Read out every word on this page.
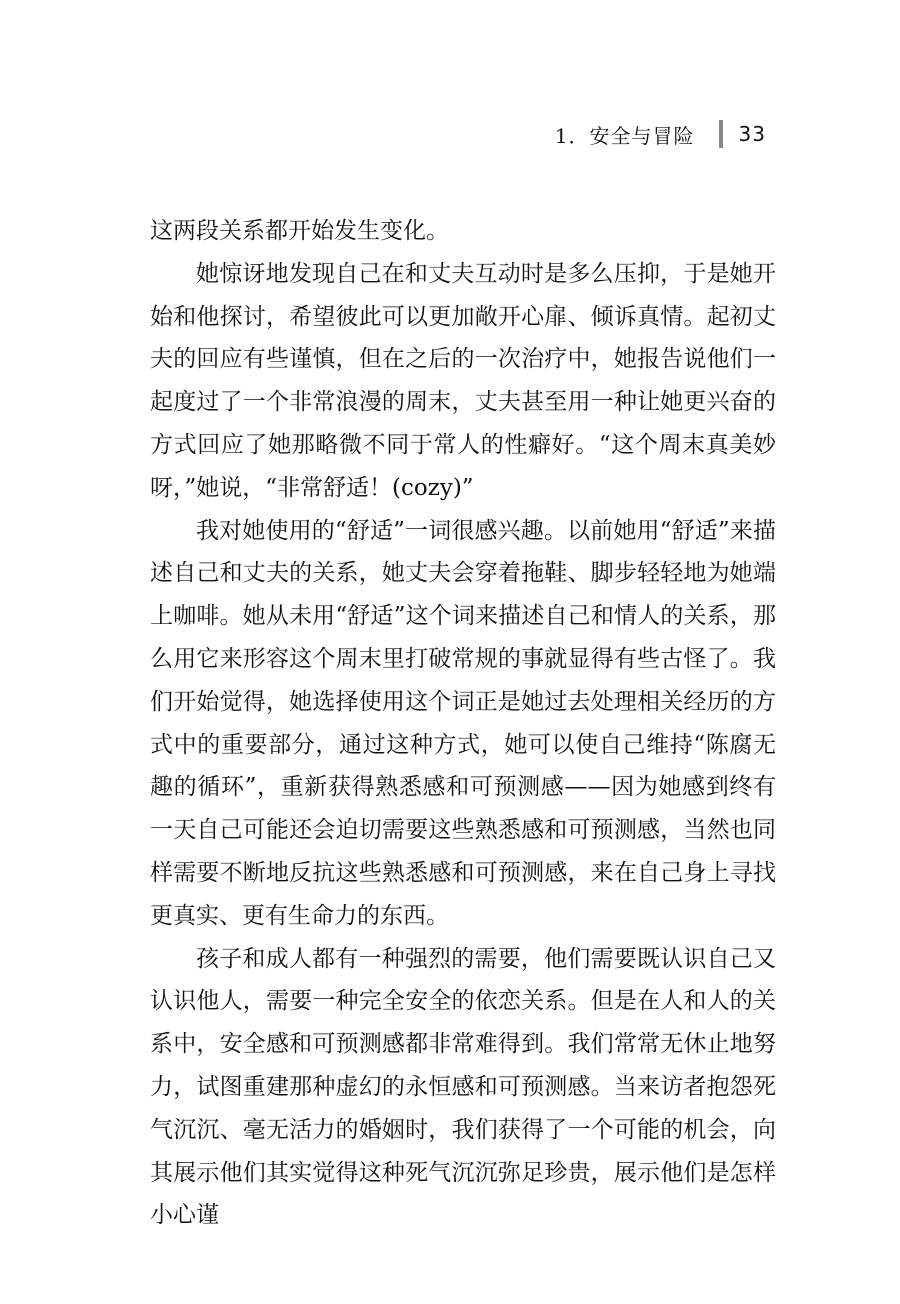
1．安全与冒险 33

这两段关系都开始发生变化。

她惊讶地发现自己在和丈夫互动时是多么压抑，于是她开始和他探讨，希望彼此可以更加敞开心扉、倾诉真情。起初丈夫的回应有些谨慎，但在之后的一次治疗中，她报告说他们一起度过了一个非常浪漫的周末，丈夫甚至用一种让她更兴奋的方式回应了她那略微不同于常人的性癖好。“这个周末真美妙呀，”她说，“非常舒适！(cozy)”

我对她使用的“舒适”一词很感兴趣。以前她用“舒适”来描述自己和丈夫的关系，她丈夫会穿着拖鞋、脚步轻轻地为她端上咖啡。她从未用“舒适”这个词来描述自己和情人的关系，那么用它来形容这个周末里打破常规的事就显得有些古怪了。我们开始觉得，她选择使用这个词正是她过去处理相关经历的方式中的重要部分，通过这种方式，她可以使自己维持“陈腐无趣的循环”，重新获得熟悉感和可预测感——因为她感到终有一天自己可能还会迫切需要这些熟悉感和可预测感，当然也同样需要不断地反抗这些熟悉感和可预测感，来在自己身上寻找更真实、更有生命力的东西。

孩子和成人都有一种强烈的需要，他们需要既认识自己又认识他人，需要一种完全安全的依恋关系。但是在人和人的关系中，安全感和可预测感都非常难得到。我们常常无休止地努力，试图重建那种虚幻的永恒感和可预测感。当来访者抱怨死气沉沉、毫无活力的婚姻时，我们获得了一个可能的机会，向其展示他们其实觉得这种死气沉沉弥足珍贵，展示他们是怎样小心谨
